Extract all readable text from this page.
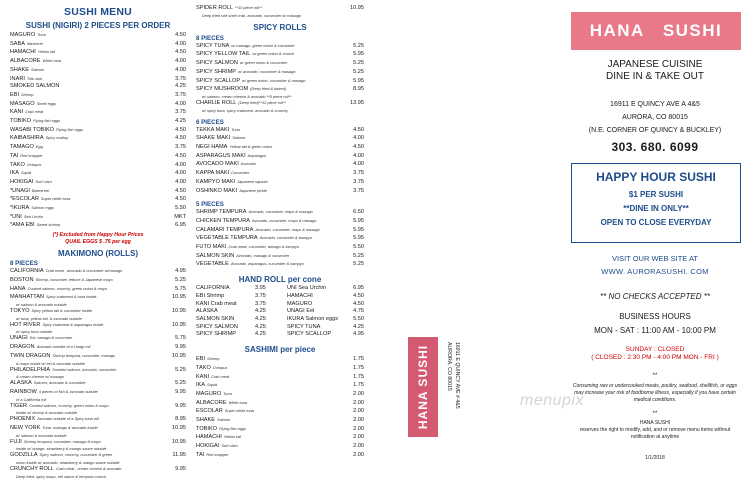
SUSHI MENU
SUSHI (NIGIRI) 2 PIECES PER ORDER
MAGURO Tuna	4.50
SABA Mackerel	4.00
HAMACHI Yellow tail	4.50
ALBACORE White tuna	4.00
SHAKE Salmon	4.00
INARI Tofu skin	3.75
SMOKED SALMON	4.25
EBI Shrimp	3.75
MASAGO Smelt eggs	4.00
KANI Crab meat	3.75
TOBIKO Flying fish eggs	4.25
WASABI TOBIKO Flying fish eggs	4.50
KAIBASHIRA Spicy scallop	4.50
TAMAGO Egg	3.75
TAI Red snapper	4.50
TAKO Octopus	4.00
IKA Squid	4.00
HOKIGAI Surf clam	4.00
*UNAGI Baked eel	4.50
*ESCOLAR Super white tuna	4.50
*IKURA Salmon eggs	5.50
*UNI Sea Urchin	MKT
*AMA EBI Sweet shrimp	6.95
(*) Excluded from Happy Hour Prices
QUAIL EGGS $ .75 per egg
MAKIMONO (ROLLS)
8 PIECES
CALIFORNIA Crab meat , avocado & cucumber w/masago	4.95
BOSTON Shrimp, cucumber, lettuce & Japanese mayo	5.25
HANA Cooked salmon, crunchy, green onion & mayo	5.75
MANHATTAN Spicy crabmeat & tuna inside	10.95
w/ salmon & avocado outside
TOKYO Spicy yellow tail & cucumber inside	10.95
w/ tuna, yellow tail, & avocado outside
HOT RIVER Spicy crabmeat & asparagus inside	10.95
w/ spicy tuna outside
UNAGI Eel, tamago & cucumber	5.75
DRAGON Avocado outside of a Unagi roll	9.95
TWIN DRAGON Shrimp tempura, cucumber, masago	10.95
& mayo inside w/ eel & avocado outside
PHILADELPHIA Smoked salmon, avocado, cucumber	5.25
& cream cheese w/ masago
ALASKA Salmon, avocado & cucumber	5.25
RAINBOW 4 pieces of fish & avocado outside	9.95
of a California roll
TIGER Cooked salmon, crunchy, green onion & mayo	9.95
inside w/ shrimp & avocado outside
PHOENIX Avocado outside of a Spicy tuna roll	8.95
NEW YORK Tuna, masago & avocado inside	10.95
w/ salmon & avocado outside
FUJI Shrimp tempura, cucumber, masago & mayo	10.95
inside w/ orange, strawberry & mango sauce outside
GODZILLA Spicy salmon, crunchy, cucumber & green	11.95
onion inside w/ avocado, strawberry & mango sauce outside
CRUNCHY ROLL Crab meat , cream cheese & avocado	9.95
Deep fried, spicy mayo, eel sauce & tempura crunch
SPIDER ROLL **10 piece roll**	10.95
Deep fried soft shell crab, avocado, cucumber w/ masago
SPICY ROLLS
8 PIECES
SPICY TUNA w/ masago, green onion & cucumber	5.25
SPICY YELLOW TAIL w/ green onion & crunch	5.95
SPICY SALMON w/ green onion & cucumber	5.25
SPICY SHRIMP w/ avocado, cucumber & masago	5.25
SPICY SCALLOP w/ green onion, cucumber & masago	5.95
SPICY MUSHROOM (Deep fried & baked)	8.95
w/ salmon, cream cheese & avocado **5 piece roll**
CHARLIE ROLL (Deep fried)**12 piece roll**	13.95
w/ spicy tuna, spicy crabmeat, avocado & crunchy
6 PIECES
TEKKA MAKI Tuna	4.50
SHAKE MAKI Salmon	4.00
NEGI HAMA Yellow tail & green onion	4.50
ASPARAGUS MAKI Asparagus	4.00
AVOCADO MAKI Avocado	4.00
KAPPA MAKI Cucumber	3.75
KAMPYO MAKI Japanese squash	3.75
OSHINKO MAKI Japanese pickle	3.75
5 PIECES
SHRIMP TEMPURA Avocado, cucumber, mayo & masago	6.50
CHICKEN TEMPURA Avocado, cucumber, mayo & masago	5.95
CALAMARI TEMPURA Avocado, cucumber, mayo & masago	5.95
VEGETABLE TEMPURA Avocado, cucumber & kampyo	5.95
FUTO MAKI Crab meat, cucumber, tamago & kampyo	5.50
SALMON SKIN Avocado, masago & cucumber	5.25
VEGETABLE Avocado, asparagus, cucumber & kampyo	5.25
HAND ROLL per cone
CALIFORNIA	3.95	UNI Sea Urchin	6.95
EBI Shrimp	3.75	HAMACHI	4.50
KANI Crab meat	3.75	MAGURO	4.50
ALASKA	4.25	UNAGI Eel	4.75
SALMON SKIN	4.25	IKURA Salmon eggs	5.50
SPICY SALMON	4.25	SPICY TUNA	4.25
SPICY SHRIMP	4.25	SPICY SCALLOP	4.95
SASHIMI per piece
EBI Shrimp	1.75
TAKO Octopus	1.75
KANI Crab meat	1.75
IKA Squid	1.75
MAGURO Tuna	2.00
ALBACORE White tuna	2.00
ESCOLAR Super white tuna	2.00
SHAKE Salmon	2.00
TOBIKO Flying fish eggs	2.00
HAMACHI Yellow tail	2.00
HOKIGAI Surf clam	2.00
TAI Red snapper	2.00
HANA SUSHI	16911 E QUINCY AVE # 4&5
AURORA, CO 80015
menupix
HANA SUSHI
JAPANESE CUISINE
DINE IN & TAKE OUT
16911 E QUINCY AVE A 4&5
AURORA, CO 80015
(N.E. CORNER OF QUINCY & BUCKLEY)
303. 680. 6099
HAPPY HOUR SUSHI
$1 PER SUSHI
**DINE IN ONLY**
OPEN TO CLOSE EVERYDAY
VISIT OUR WEB SITE AT
WWW. AURORASUSHI. COM
** NO CHECKS ACCEPTED **
BUSINESS HOURS
MON - SAT : 11:00 AM - 10:00 PM
SUNDAY : CLOSED
( CLOSED : 2:30 PM - 4:00 PM MON - FRI )
**
Consuming raw or undercooked meats, poultry, seafood, shellfish, or eggs may increase your risk of foodborne illness, especially if you have certain medical conditions.
**
HANA SUSHI
reserves the right to modify, add, and or remove menu items without notification at anytime
1/1/2018
